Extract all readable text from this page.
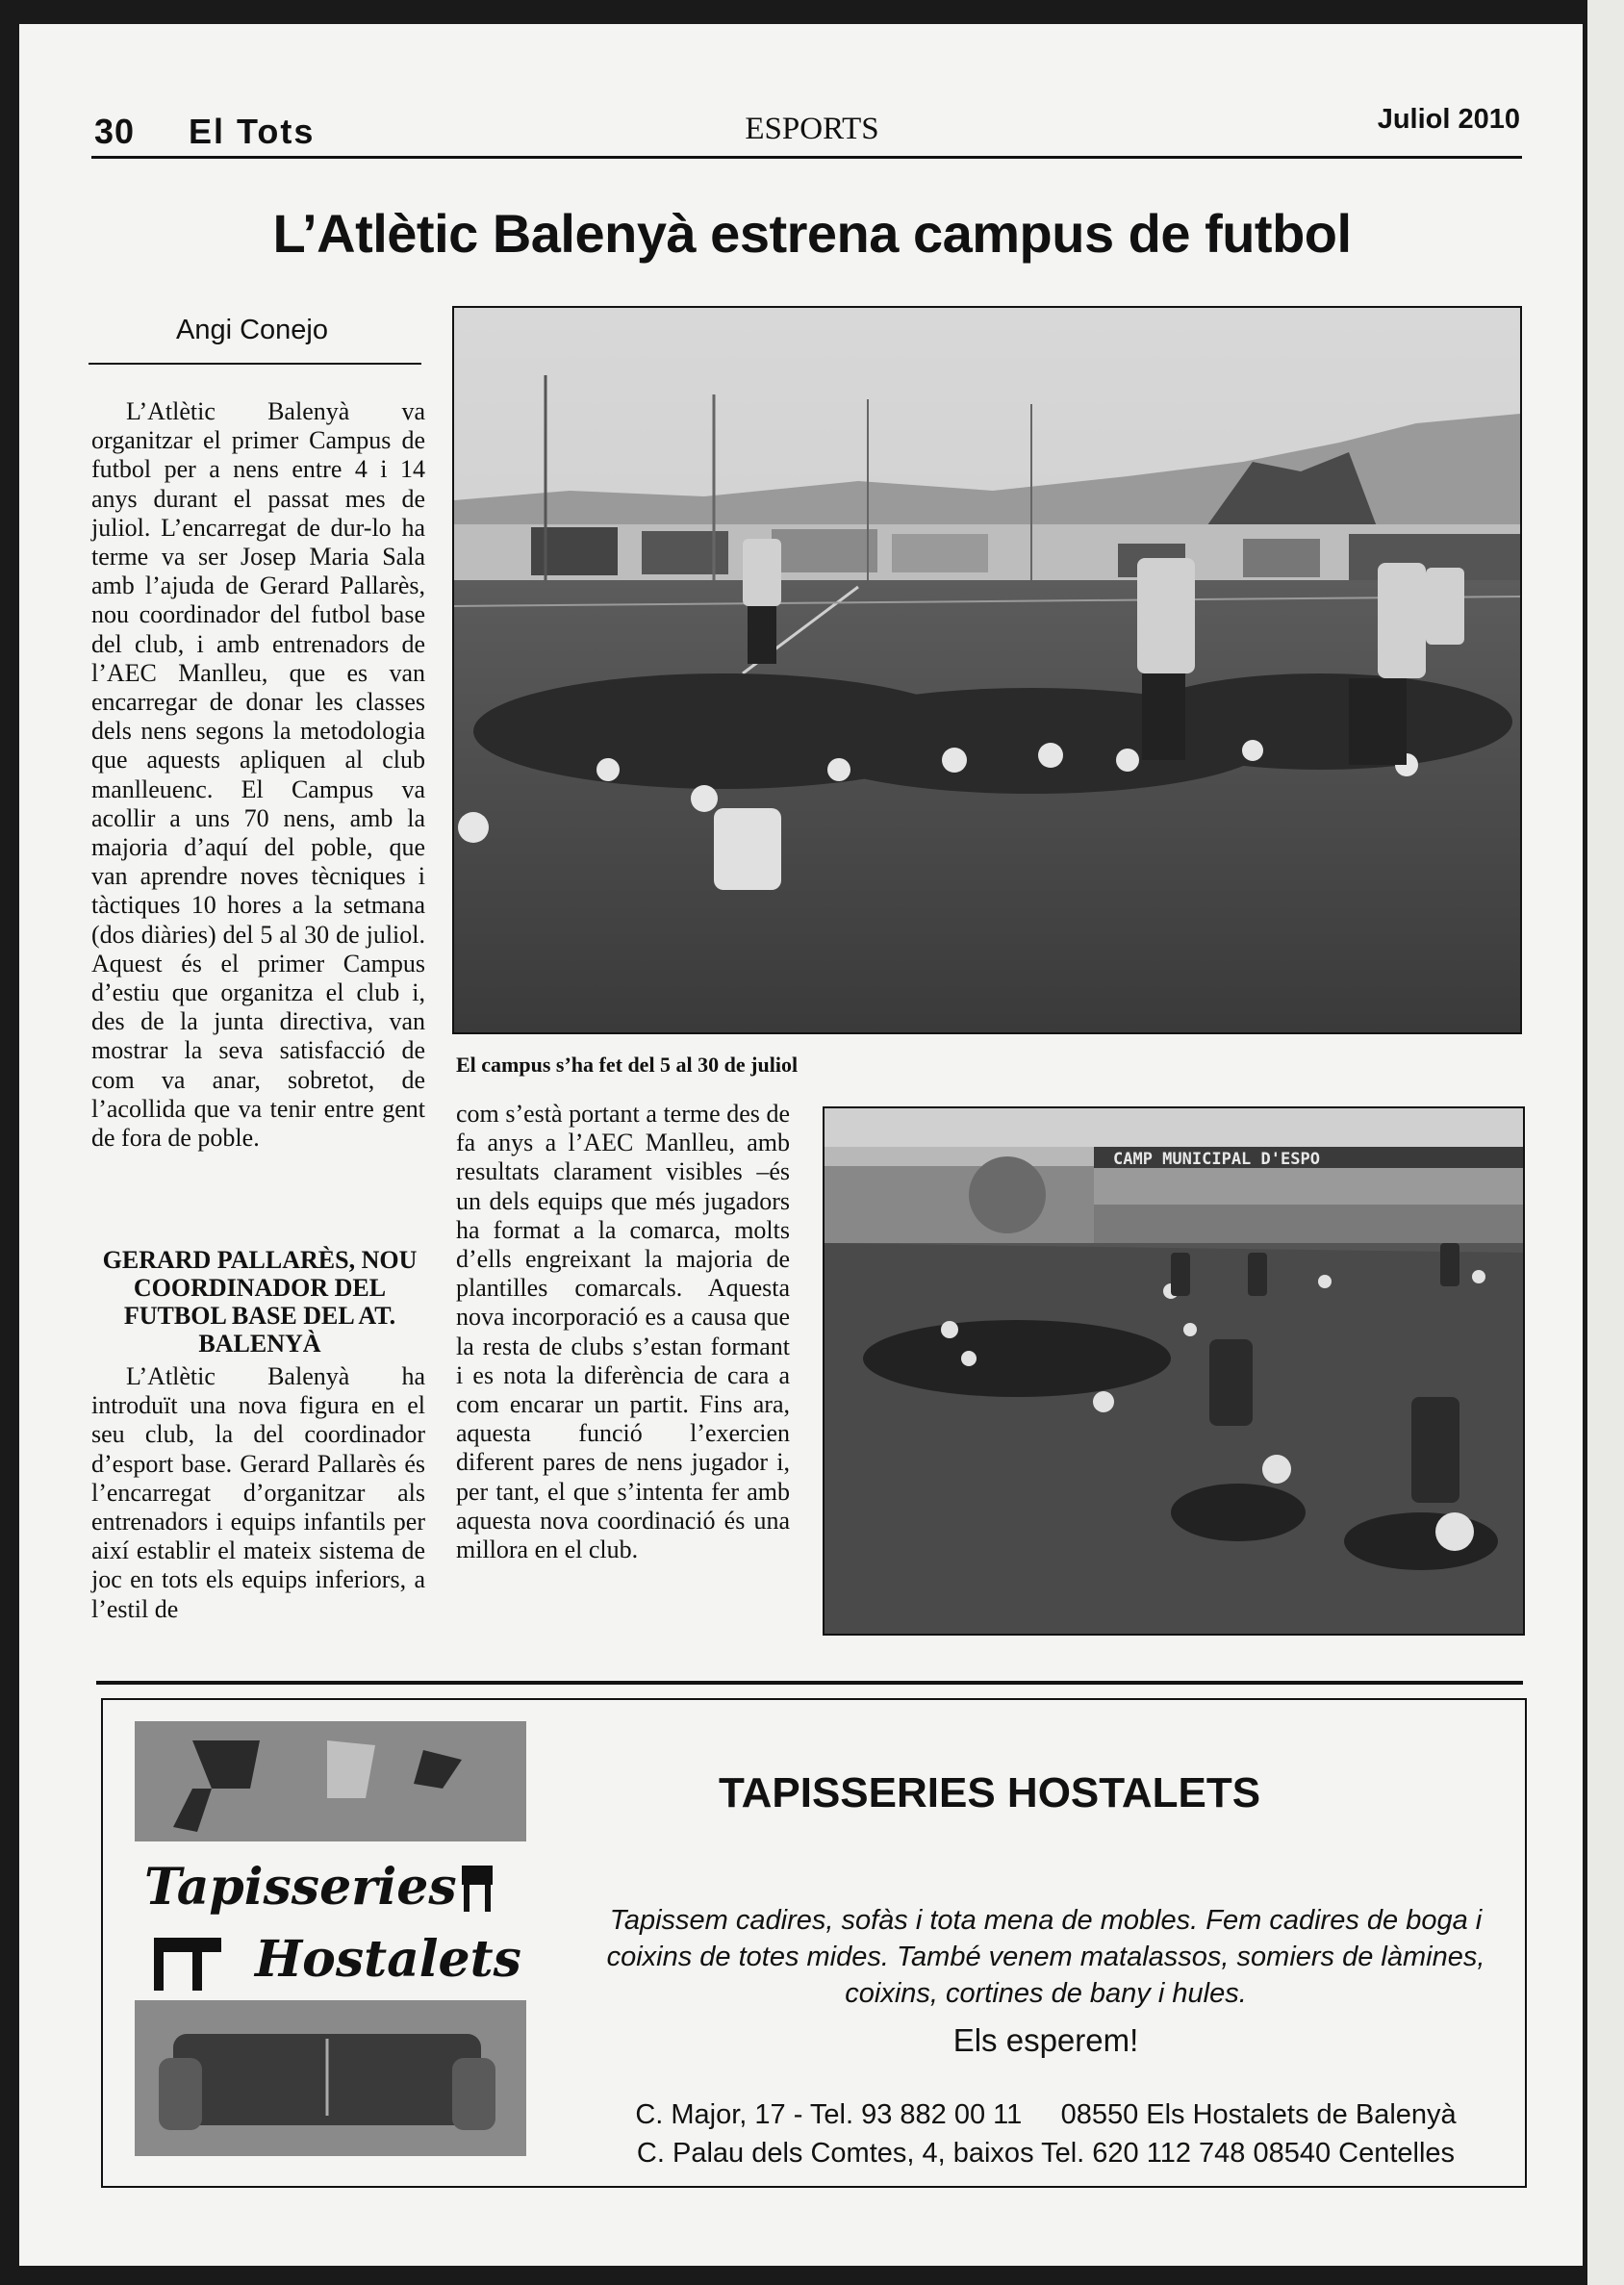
30 El Tots	ESPORTS	Juliol 2010
L’Atlètic Balenyà estrena campus de futbol
Angi Conejo

L’Atlètic Balenyà va organitzar el primer Campus de futbol per a nens entre 4 i 14 anys durant el passat mes de juliol. L’encarregat de dur-lo ha terme va ser Josep Maria Sala amb l’ajuda de Gerard Pallarès, nou coordinador del futbol base del club, i amb entrenadors de l’AEC Manlleu, que es van encarregar de donar les classes dels nens segons la metodologia que aquests apliquen al club manlleuenc. El Campus va acollir a uns 70 nens, amb la majoria d’aquí del poble, que van aprendre noves tècniques i tàctiques 10 hores a la setmana (dos diàries) del 5 al 30 de juliol. Aquest és el primer Campus d’estiu que organitza el club i, des de la junta directiva, van mostrar la seva satisfacció de com va anar, sobretot, de l’acollida que va tenir entre gent de fora de poble.

GERARD PALLARÈS, NOU COORDINADOR DEL FUTBOL BASE DEL AT. BALENYÀ

L’Atlètic Balenyà ha introduït una nova figura en el seu club, la del coordinador d’esport base. Gerard Pallarès és l’encarregat d’organitzar als entrenadors i equips infantils per així establir el mateix sistema de joc en tots els equips inferiors, a l’estil de

El campus s’ha fet del 5 al 30 de juliol

com s’està portant a terme des de fa anys a l’AEC Manlleu, amb resultats clarament visibles –és un dels equips que més jugadors ha format a la comarca, molts d’ells engreixant la majoria de plantilles comarcals. Aquesta nova incorporació es a causa que la resta de clubs s’estan formant i es nota la diferència de cara a com encarar un partit. Fins ara, aquesta funció l’exercien diferent pares de nens jugador i, per tant, el que s’intenta fer amb aquesta nova coordinació és una millora en el club.

CAMP MUNICIPAL D'ESPO
Tapisseries
Hostalets
TAPISSERIES HOSTALETS
Tapissem cadires, sofàs i tota mena de mobles. Fem cadires de boga i coixins de totes mides. També venem matalassos, somiers de làmines, coixins, cortines de bany i hules.
Els esperem!
C. Major, 17 - Tel. 93 882 00 11     08550 Els Hostalets de Balenyà
C. Palau dels Comtes, 4, baixos Tel. 620 112 748 08540 Centelles
